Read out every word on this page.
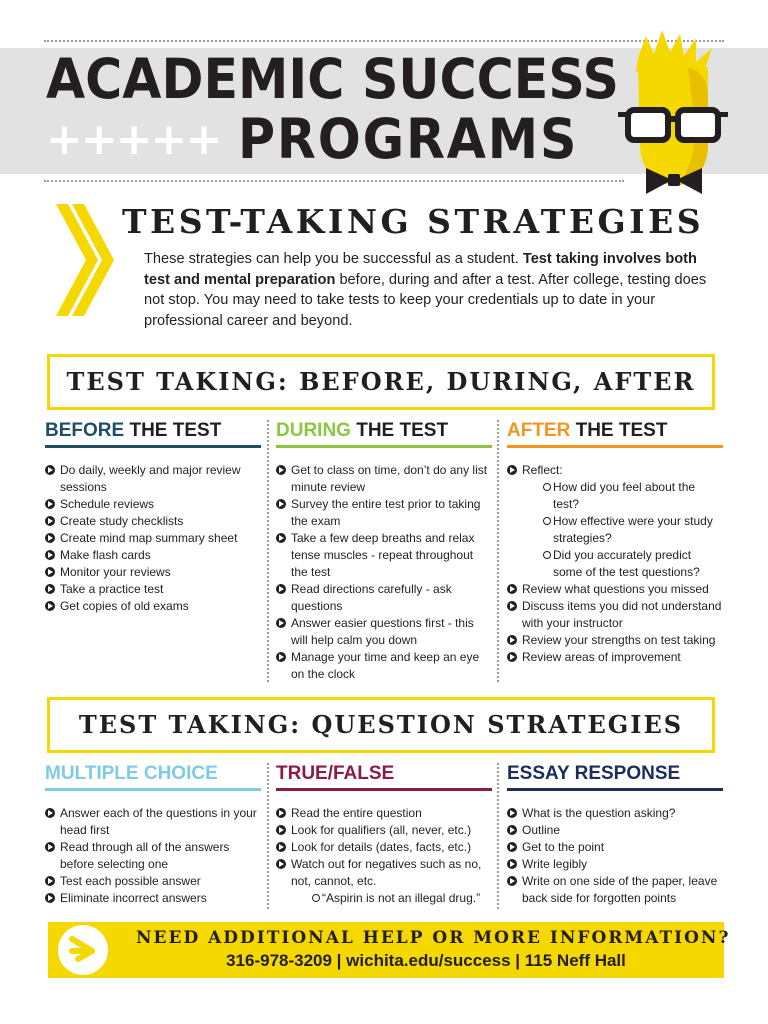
ACADEMIC SUCCESS
+++++ PROGRAMS
TEST-TAKING STRATEGIES
These strategies can help you be successful as a student. Test taking involves both test and mental preparation before, during and after a test. After college, testing does not stop. You may need to take tests to keep your credentials up to date in your professional career and beyond.
TEST TAKING: BEFORE, DURING, AFTER
BEFORE THE TEST
Do daily, weekly and major review sessions
Schedule reviews
Create study checklists
Create mind map summary sheet
Make flash cards
Monitor your reviews
Take a practice test
Get copies of old exams
DURING THE TEST
Get to class on time, don’t do any list minute review
Survey the entire test prior to taking the exam
Take a few deep breaths and relax tense muscles - repeat throughout the test
Read directions carefully - ask questions
Answer easier questions first - this will help calm you down
Manage your time and keep an eye on the clock
AFTER THE TEST
Reflect:
How did you feel about the test?
How effective were your study strategies?
Did you accurately predict some of the test questions?
Review what questions you missed
Discuss items you did not understand with your instructor
Review your strengths on test taking
Review areas of improvement
TEST TAKING: QUESTION STRATEGIES
MULTIPLE CHOICE
Answer each of the questions in your head first
Read through all of the answers before selecting one
Test each possible answer
Eliminate incorrect answers
TRUE/FALSE
Read the entire question
Look for qualifiers (all, never, etc.)
Look for details (dates, facts, etc.)
Watch out for negatives such as no, not, cannot, etc.
“Aspirin is not an illegal drug.”
ESSAY RESPONSE
What is the question asking?
Outline
Get to the point
Write legibly
Write on one side of the paper, leave back side for forgotten points
NEED ADDITIONAL HELP OR MORE INFORMATION?
316-978-3209 | wichita.edu/success | 115 Neff Hall
